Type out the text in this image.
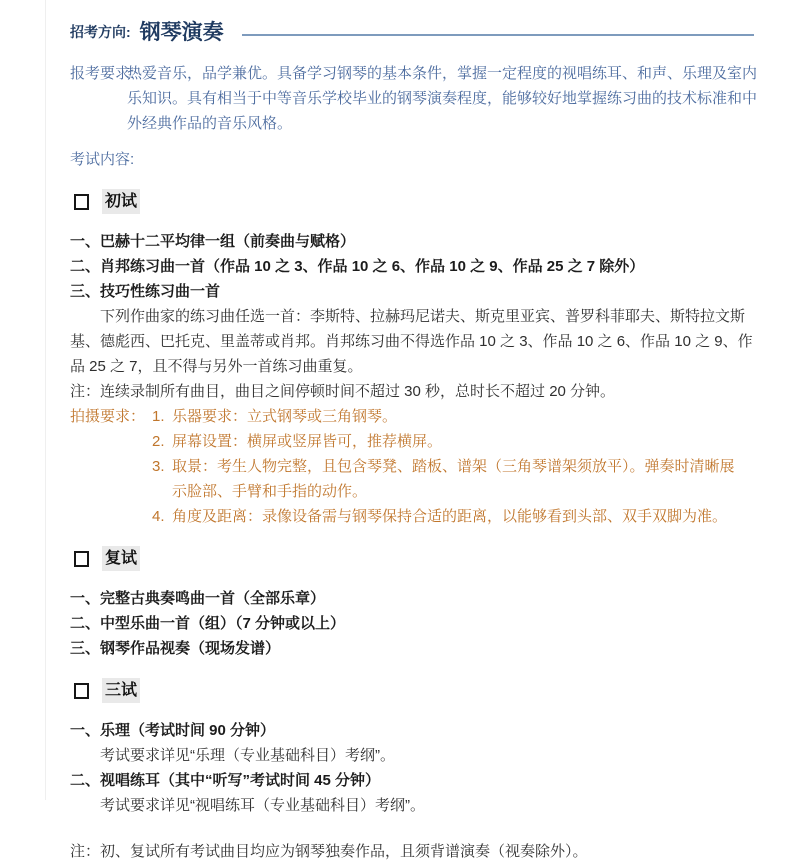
招考方向: 钢琴演奏
报考要求:
热爱音乐，品学兼优。具备学习钢琴的基本条件，掌握一定程度的视唱练耳、和声、乐理及室内乐知识。具有相当于中等音乐学校毕业的钢琴演奏程度，能够较好地掌握练习曲的技术标准和中外经典作品的音乐风格。
考试内容:
初试
一、巴赫十二平均律一组（前奏曲与赋格）
二、肖邦练习曲一首（作品 10 之 3、作品 10 之 6、作品 10 之 9、作品 25 之 7 除外）
三、技巧性练习曲一首
下列作曲家的练习曲任选一首：李斯特、拉赫玛尼诺夫、斯克里亚宾、普罗科菲耶夫、斯特拉文斯基、德彪西、巴托克、里盖蒂或肖邦。肖邦练习曲不得选作品 10 之 3、作品 10 之 6、作品 10 之 9、作品 25 之 7，且不得与另外一首练习曲重复。
注：连续录制所有曲目，曲目之间停顿时间不超过 30 秒，总时长不超过 20 分钟。
拍摄要求： 1. 乐器要求：立式钢琴或三角钢琴。
2. 屏幕设置：横屏或竖屏皆可，推荐横屏。
3. 取景：考生人物完整，且包含琴凳、踏板、谱架（三角琴谱架须放平）。弹奏时清晰展示脸部、手臂和手指的动作。
4. 角度及距离：录像设备需与钢琴保持合适的距离，以能够看到头部、双手双脚为准。
复试
一、完整古典奏鸣曲一首（全部乐章）
二、中型乐曲一首（组）（7 分钟或以上）
三、钢琴作品视奏（现场发谱）
三试
一、乐理（考试时间 90 分钟）
考试要求详见“乐理（专业基础科目）考纲”。
二、视唱练耳（其中“听写”考试时间 45 分钟）
考试要求详见“视唱练耳（专业基础科目）考纲”。
注：初、复试所有考试曲目均应为钢琴独奏作品，且须背谱演奏（视奏除外）。
